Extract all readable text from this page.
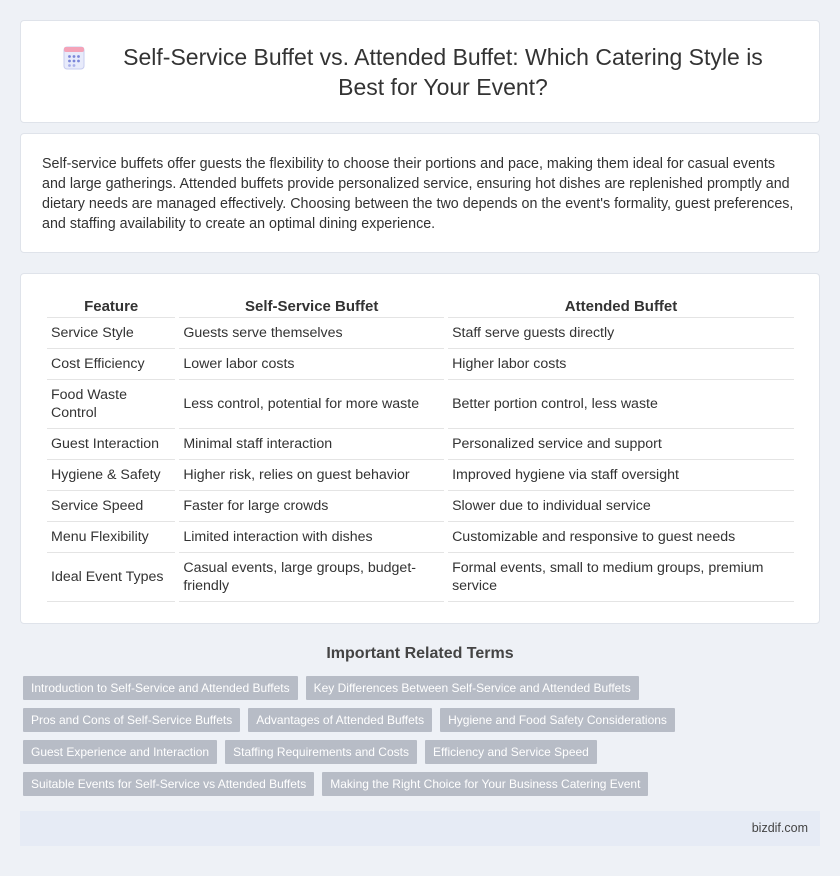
Self-Service Buffet vs. Attended Buffet: Which Catering Style is Best for Your Event?

Self-service buffets offer guests the flexibility to choose their portions and pace, making them ideal for casual events and large gatherings. Attended buffets provide personalized service, ensuring hot dishes are replenished promptly and dietary needs are managed effectively. Choosing between the two depends on the event's formality, guest preferences, and staffing availability to create an optimal dining experience.

Feature	Self-Service Buffet	Attended Buffet
Service Style	Guests serve themselves	Staff serve guests directly
Cost Efficiency	Lower labor costs	Higher labor costs
Food Waste Control	Less control, potential for more waste	Better portion control, less waste
Guest Interaction	Minimal staff interaction	Personalized service and support
Hygiene & Safety	Higher risk, relies on guest behavior	Improved hygiene via staff oversight
Service Speed	Faster for large crowds	Slower due to individual service
Menu Flexibility	Limited interaction with dishes	Customizable and responsive to guest needs
Ideal Event Types	Casual events, large groups, budget-friendly	Formal events, small to medium groups, premium service
Important Related Terms
Introduction to Self-Service and Attended Buffets	Key Differences Between Self-Service and Attended Buffets
Pros and Cons of Self-Service Buffets	Advantages of Attended Buffets	Hygiene and Food Safety Considerations
Guest Experience and Interaction	Staffing Requirements and Costs	Efficiency and Service Speed
Suitable Events for Self-Service vs Attended Buffets	Making the Right Choice for Your Business Catering Event
bizdif.com
